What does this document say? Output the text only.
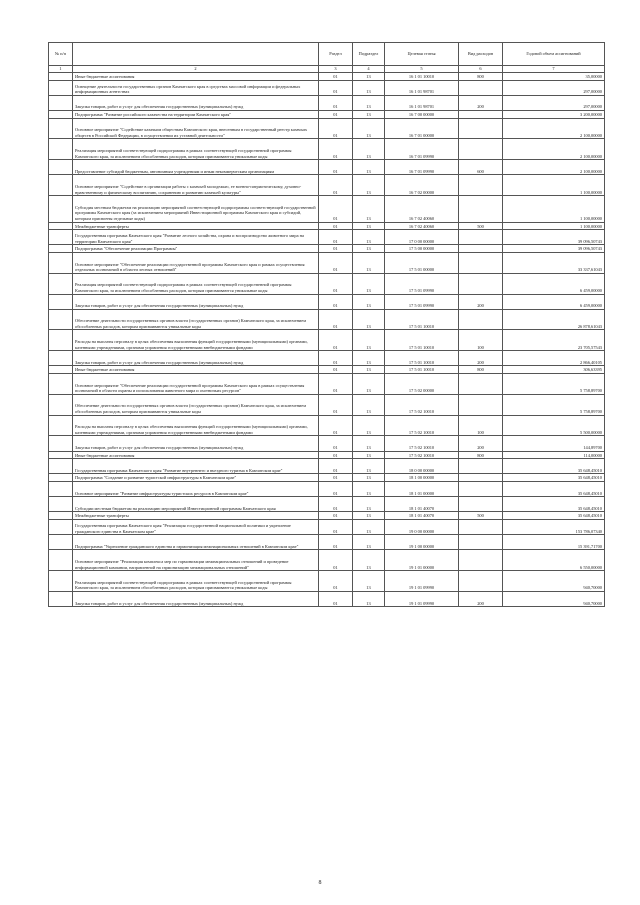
№ п/п		Раздел	Подраздел	Целевая статья	Вид расходов	Годовой объем ассигнований
1	2	3	4	5	6	7
	Иные бюджетные ассигнования	01	13	16 1 01 10010	800	35,00000
	Освещение деятельности государственных органов Камчатского края в средствах массовой информации и федеральных информационных агентствах	01	13	16 1 01 98701		297,00000
	Закупка товаров, работ и услуг для обеспечения государственных (муниципальных) нужд	01	13	16 1 01 98701	200	297,00000
	Подпрограмма "Развитие российского казачества на территории Камчатского края"	01	13	16 7 00 00000		3 200,00000
	Основное мероприятие "Содействие казачьим обществам Камчатского края, внесенным в государственный реестр казачьих обществ в Российской Федерации, в осуществлении их уставной деятельности"	01	13	16 7 01 00000		2 100,00000
	Реализация мероприятий соответствующей подпрограммы в рамках соответствующей государственной программы Камчатского края, за исключением обособленных расходов, которым присваиваются уникальные коды	01	13	16 7 01 09990		2 100,00000
	Предоставление субсидий бюджетным, автономным учреждениям и иным некоммерческим организациям	01	13	16 7 01 09990	600	2 100,00000
	Основное мероприятие "Содействие в организации работы с казачьей молодежью, ее военно-патриотическому, духовно-нравственному и физическому воспитанию, сохранению и развитию казачьей культуры"	01	13	16 7 02 00000		1 100,00000
	Субсидия местным бюджетам на реализацию мероприятий соответствующей подпрограммы соответствующей государственной программы Камчатского края (за исключением мероприятий Инвестиционной программы Камчатского края и субсидий, которым присвоены отдельные коды)	01	13	16 7 02 40060		1 100,00000
	Межбюджетные трансферты	01	13	16 7 02 40060	500	1 100,00000
	Государственная программа Камчатского края "Развитие лесного хозяйства, охрана и воспроизводство животного мира на территории Камчатского края"	01	13	17 0 00 00000		39 096,50743
	Подпрограмма "Обеспечение реализации Программы"	01	13	17 5 00 00000		39 096,50743
	Основное мероприятие "Обеспечение реализации государственной программы Камчатского края и рамках осуществления отдельных полномочий в области лесных отношений"	01	13	17 5 01 00000		33 337,61043
	Реализация мероприятий соответствующей подпрограммы в рамках соответствующей государственной программы Камчатского края, за исключением обособленных расходов, которым присваиваются уникальные коды	01	13	17 5 01 09990		6 459,00000
	Закупка товаров, работ и услуг для обеспечения государственных (муниципальных) нужд	01	13	17 5 01 09990	200	6 459,00000
	Обеспечение деятельности государственных органов власти (государственных органов) Камчатского края, за исключением обособленных расходов, которым присваиваются уникальные коды	01	13	17 5 01 10010		26 878,61043
	Расходы на выплаты персоналу в целях обеспечения выполнения функций государственными (муниципальными) органами, казенными учреждениями, органами управления государственными внебюджетными фондами	01	13	17 5 01 10010	100	23 705,57543
	Закупка товаров, работ и услуг для обеспечения государственных (муниципальных) нужд	01	13	17 5 01 10010	200	2 866,40105
	Иные бюджетные ассигнования	01	13	17 5 01 10010	800	306,63395
	Основное мероприятие "Обеспечение реализации государственной программы Камчатского края в рамках осуществления полномочий в области охраны и использования животного мира и охотничьих ресурсов"	01	13	17 5 02 00000		5 758,89700
	Обеспечение деятельности государственных органов власти (государственных органов) Камчатского края, за исключением обособленных расходов, которым присваиваются уникальные коды	01	13	17 5 02 10010		5 758,89700
	Расходы на выплаты персоналу в целях обеспечения выполнения функций государственными (муниципальными) органами, казенными учреждениями, органами управления государственными внебюджетными фондами	01	13	17 5 02 10010	100	5 500,00000
	Закупка товаров, работ и услуг для обеспечения государственных (муниципальных) нужд	01	13	17 5 02 10010	200	144,89700
	Иные бюджетные ассигнования	01	13	17 5 02 10010	800	114,00000
	Государственная программа Камчатского края "Развитие внутреннего и въездного туризма в Камчатском крае"	01	13	18 0 00 00000		35 648,45010
	Подпрограмма "Создание и развитие туристской инфраструктуры в Камчатском крае"	01	13	18 1 00 00000		35 648,45010
	Основное мероприятие "Развитие инфраструктуры туристских ресурсов в Камчатском крае"	01	13	18 1 01 00000		35 648,45010
	Субсидии местным бюджетам на реализацию мероприятий Инвестиционной программы Камчатского края	01	13	18 1 01 40070		35 648,45010
	Межбюджетные трансферты	01	13	18 1 01 40070	500	35 648,45010
	Государственная программа Камчатского края "Реализация государственной национальной политики и укрепление гражданского единства в Камчатском крае"	01	13	19 0 00 00000		153 786,07340
	Подпрограмма "Укрепление гражданского единства и гармонизация межнациональных отношений в Камчатском крае"	01	13	19 1 00 00000		15 391,71700
	Основное мероприятие "Реализация комплекса мер по гармонизации межнациональных отношений и проведение информационной кампании, направленной на гармонизацию межнациональных отношений"	01	13	19 1 01 00000		6 550,00000
	Реализация мероприятий соответствующей подпрограммы в рамках соответствующей государственной программы Камчатского края, за исключением обособленных расходов, которым присваиваются уникальные коды	01	13	19 1 01 09990		940,70000
	Закупка товаров, работ и услуг для обеспечения государственных (муниципальных) нужд	01	13	19 1 01 09990	200	940,70000
8
